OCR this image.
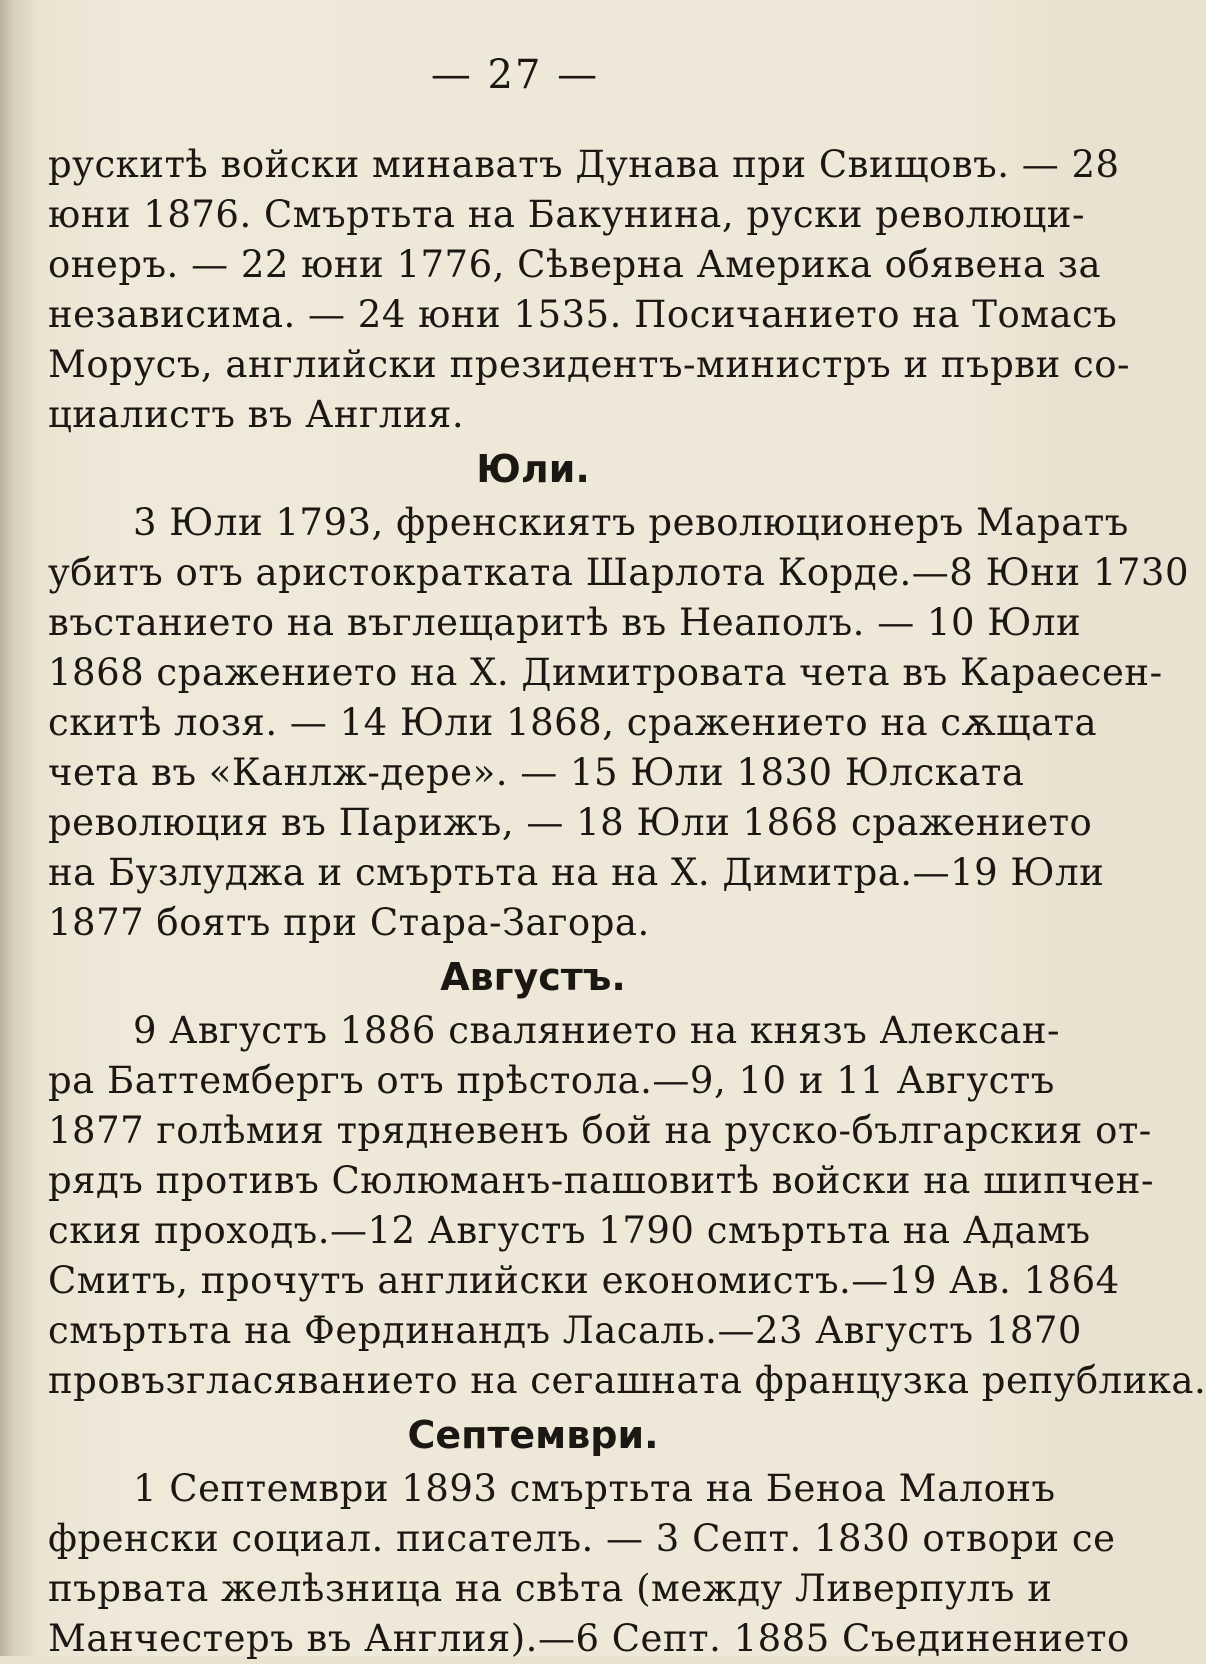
— 27 —
рускитѣ войски минаватъ Дунава при Свищовъ. — 28
юни 1876. Смъртьта на Бакунина, руски революци-
онеръ. — 22 юни 1776, Сѣверна Америка обявена за
независима. — 24 юни 1535. Посичанието на Томасъ
Морусъ, английски президентъ-министръ и първи со-
циалистъ въ Англия.
Юли.
3 Юли 1793, френскиятъ революционеръ Маратъ
убитъ отъ аристократката Шарлота Корде.—8 Юни 1730
въстанието на въглещаритѣ въ Неаполъ. — 10 Юли
1868 сражението на Х. Димитровата чета въ Караесен-
скитѣ лозя. — 14 Юли 1868, сражението на сѫщата
чета въ «Канлж-дере». — 15 Юли 1830 Юлската
революция въ Парижъ, — 18 Юли 1868 сражението
на Бузлуджа и смъртьта на на Х. Димитра.—19 Юли
1877 боятъ при Стара-Загора.
Августъ.
9 Августъ 1886 свалянието на князъ Алексан-
ра Баттембергъ отъ прѣстола.—9, 10 и 11 Августъ
1877 голѣмия трядневенъ бой на руско-българския от-
рядъ противъ Сюлюманъ-пашовитѣ войски на шипчен-
ския проходъ.—12 Августъ 1790 смъртьта на Адамъ
Смитъ, прочутъ английски економистъ.—19 Ав. 1864
смъртьта на Фердинандъ Ласаль.—23 Августъ 1870
провъзгласяванието на сегашната французка република.
Септември.
1 Септември 1893 смъртьта на Беноа Малонъ
френски социал. писателъ. — 3 Септ. 1830 отвори се
първата желѣзница на свѣта (между Ливерпулъ и
Манчестеръ въ Англия).—6 Септ. 1885 Съединението
